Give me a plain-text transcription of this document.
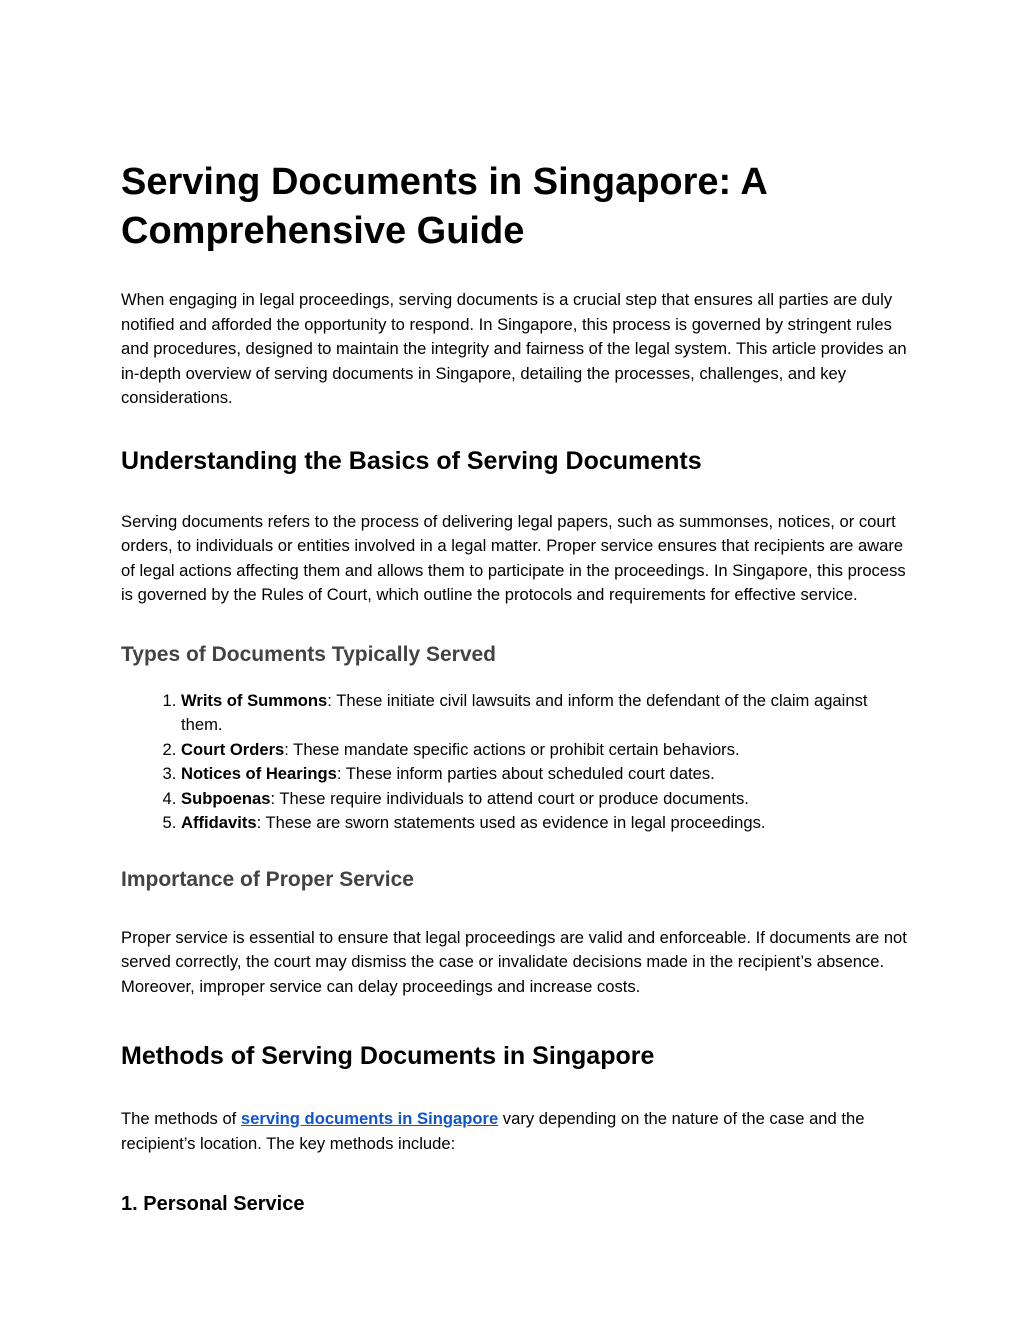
Serving Documents in Singapore: A Comprehensive Guide

When engaging in legal proceedings, serving documents is a crucial step that ensures all parties are duly notified and afforded the opportunity to respond. In Singapore, this process is governed by stringent rules and procedures, designed to maintain the integrity and fairness of the legal system. This article provides an in-depth overview of serving documents in Singapore, detailing the processes, challenges, and key considerations.

Understanding the Basics of Serving Documents

Serving documents refers to the process of delivering legal papers, such as summonses, notices, or court orders, to individuals or entities involved in a legal matter. Proper service ensures that recipients are aware of legal actions affecting them and allows them to participate in the proceedings. In Singapore, this process is governed by the Rules of Court, which outline the protocols and requirements for effective service.

Types of Documents Typically Served
1. Writs of Summons: These initiate civil lawsuits and inform the defendant of the claim against them.
2. Court Orders: These mandate specific actions or prohibit certain behaviors.
3. Notices of Hearings: These inform parties about scheduled court dates.
4. Subpoenas: These require individuals to attend court or produce documents.
5. Affidavits: These are sworn statements used as evidence in legal proceedings.
Importance of Proper Service

Proper service is essential to ensure that legal proceedings are valid and enforceable. If documents are not served correctly, the court may dismiss the case or invalidate decisions made in the recipient’s absence. Moreover, improper service can delay proceedings and increase costs.

Methods of Serving Documents in Singapore

The methods of serving documents in Singapore vary depending on the nature of the case and the recipient’s location. The key methods include:

1. Personal Service
